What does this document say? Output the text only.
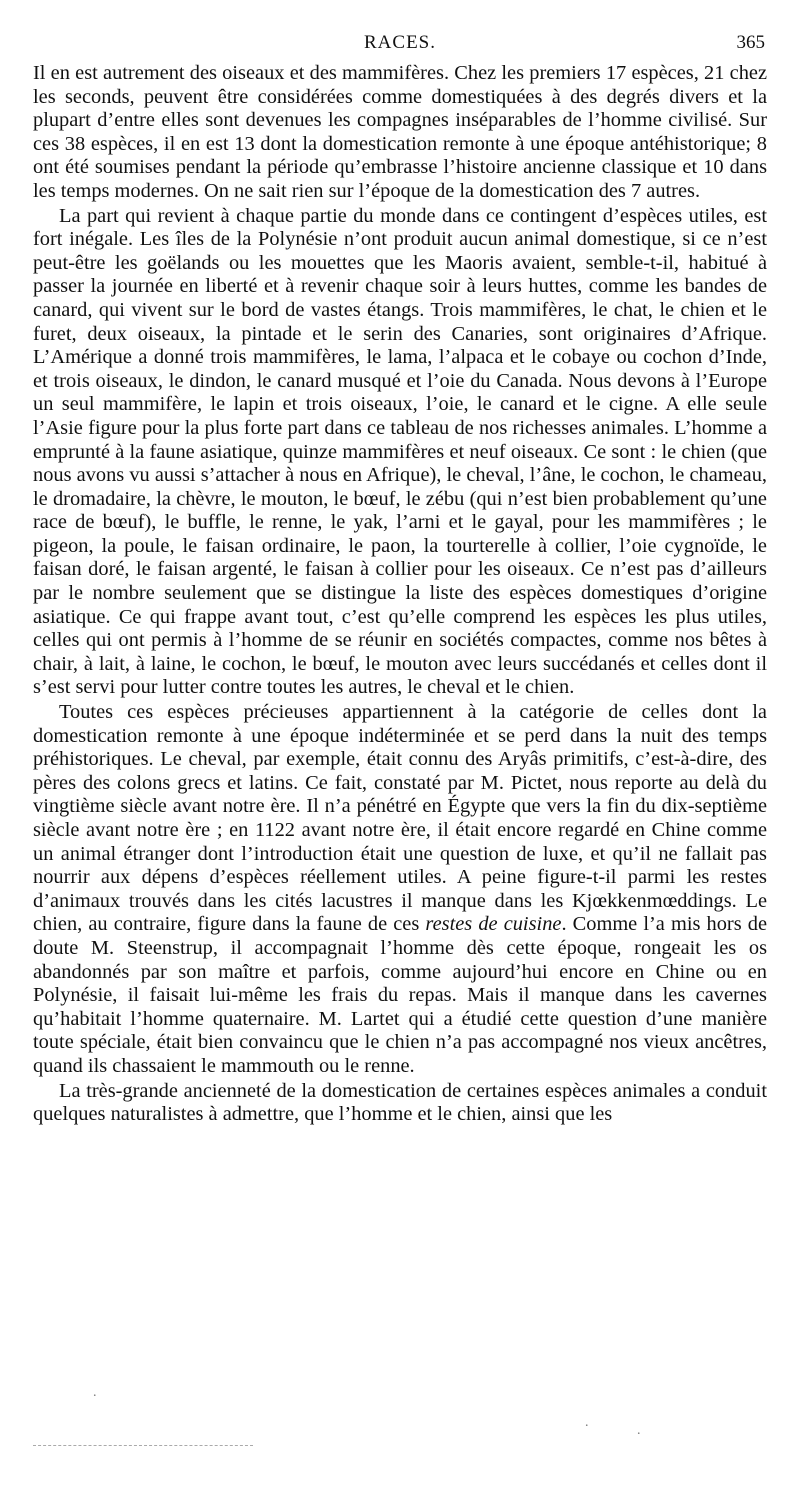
RACES.	365

Il en est autrement des oiseaux et des mammifères. Chez les premiers 17 espèces, 21 chez les seconds, peuvent être considérées comme domestiquées à des degrés divers et la plupart d’entre elles sont devenues les compagnes inséparables de l’homme civilisé. Sur ces 38 espèces, il en est 13 dont la domestication remonte à une époque antéhistorique; 8 ont été soumises pendant la période qu’embrasse l’histoire ancienne classique et 10 dans les temps modernes. On ne sait rien sur l’époque de la domestication des 7 autres.

La part qui revient à chaque partie du monde dans ce contingent d’espèces utiles, est fort inégale. Les îles de la Polynésie n’ont produit aucun animal domestique, si ce n’est peut-être les goëlands ou les mouettes que les Maoris avaient, semble-t-il, habitué à passer la journée en liberté et à revenir chaque soir à leurs huttes, comme les bandes de canard, qui vivent sur le bord de vastes étangs. Trois mammifères, le chat, le chien et le furet, deux oiseaux, la pintade et le serin des Canaries, sont originaires d’Afrique. L’Amérique a donné trois mammifères, le lama, l’alpaca et le cobaye ou cochon d’Inde, et trois oiseaux, le dindon, le canard musqué et l’oie du Canada. Nous devons à l’Europe un seul mammifère, le lapin et trois oiseaux, l’oie, le canard et le cigne. A elle seule l’Asie figure pour la plus forte part dans ce tableau de nos richesses animales. L’homme a emprunté à la faune asiatique, quinze mammifères et neuf oiseaux. Ce sont : le chien (que nous avons vu aussi s’attacher à nous en Afrique), le cheval, l’âne, le cochon, le chameau, le dromadaire, la chèvre, le mouton, le bœuf, le zébu (qui n’est bien probablement qu’une race de bœuf), le buffle, le renne, le yak, l’arni et le gayal, pour les mammifères ; le pigeon, la poule, le faisan ordinaire, le paon, la tourterelle à collier, l’oie cygnoïde, le faisan doré, le faisan argenté, le faisan à collier pour les oiseaux. Ce n’est pas d’ailleurs par le nombre seulement que se distingue la liste des espèces domestiques d’origine asiatique. Ce qui frappe avant tout, c’est qu’elle comprend les espèces les plus utiles, celles qui ont permis à l’homme de se réunir en sociétés compactes, comme nos bêtes à chair, à lait, à laine, le cochon, le bœuf, le mouton avec leurs succédanés et celles dont il s’est servi pour lutter contre toutes les autres, le cheval et le chien.

Toutes ces espèces précieuses appartiennent à la catégorie de celles dont la domestication remonte à une époque indéterminée et se perd dans la nuit des temps préhistoriques. Le cheval, par exemple, était connu des Aryâs primitifs, c’est-à-dire, des pères des colons grecs et latins. Ce fait, constaté par M. Pictet, nous reporte au delà du vingtième siècle avant notre ère. Il n’a pénétré en Égypte que vers la fin du dix-septième siècle avant notre ère ; en 1122 avant notre ère, il était encore regardé en Chine comme un animal étranger dont l’introduction était une question de luxe, et qu’il ne fallait pas nourrir aux dépens d’espèces réellement utiles. A peine figure-t-il parmi les restes d’animaux trouvés dans les cités lacustres il manque dans les Kjœkkenmœddings. Le chien, au contraire, figure dans la faune de ces restes de cuisine. Comme l’a mis hors de doute M. Steenstrup, il accompagnait l’homme dès cette époque, rongeait les os abandonnés par son maître et parfois, comme aujourd’hui encore en Chine ou en Polynésie, il faisait lui-même les frais du repas. Mais il manque dans les cavernes qu’habitait l’homme quaternaire. M. Lartet qui a étudié cette question d’une manière toute spéciale, était bien convaincu que le chien n’a pas accompagné nos vieux ancêtres, quand ils chassaient le mammouth ou le renne.

La très-grande ancienneté de la domestication de certaines espèces animales a conduit quelques naturalistes à admettre, que l’homme et le chien, ainsi que les

.
.
.
